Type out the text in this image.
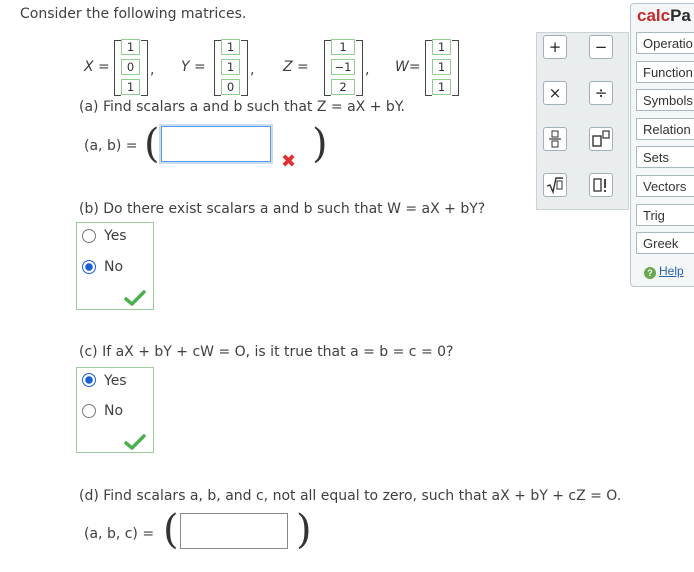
Consider the following matrices.
X =
1
0
1
, Y =
1
1
0
, Z =
1
−1
2
, W=
1
1
1
(a) Find scalars a and b such that Z = aX + bY.
(a, b) = (	✖ )
(b) Do there exist scalars a and b such that W = aX + bY?
Yes
No
(c) If aX + bY + cW = O, is it true that a = b = c = 0?
Yes
No
(d) Find scalars a, b, and c, not all equal to zero, such that aX + bY + cZ = O.
(a, b, c) = (	)
calcPa
+	−
×	÷
Operatio
Function
Symbols
Relation
Sets
Vectors
Trig
Greek
? Help
